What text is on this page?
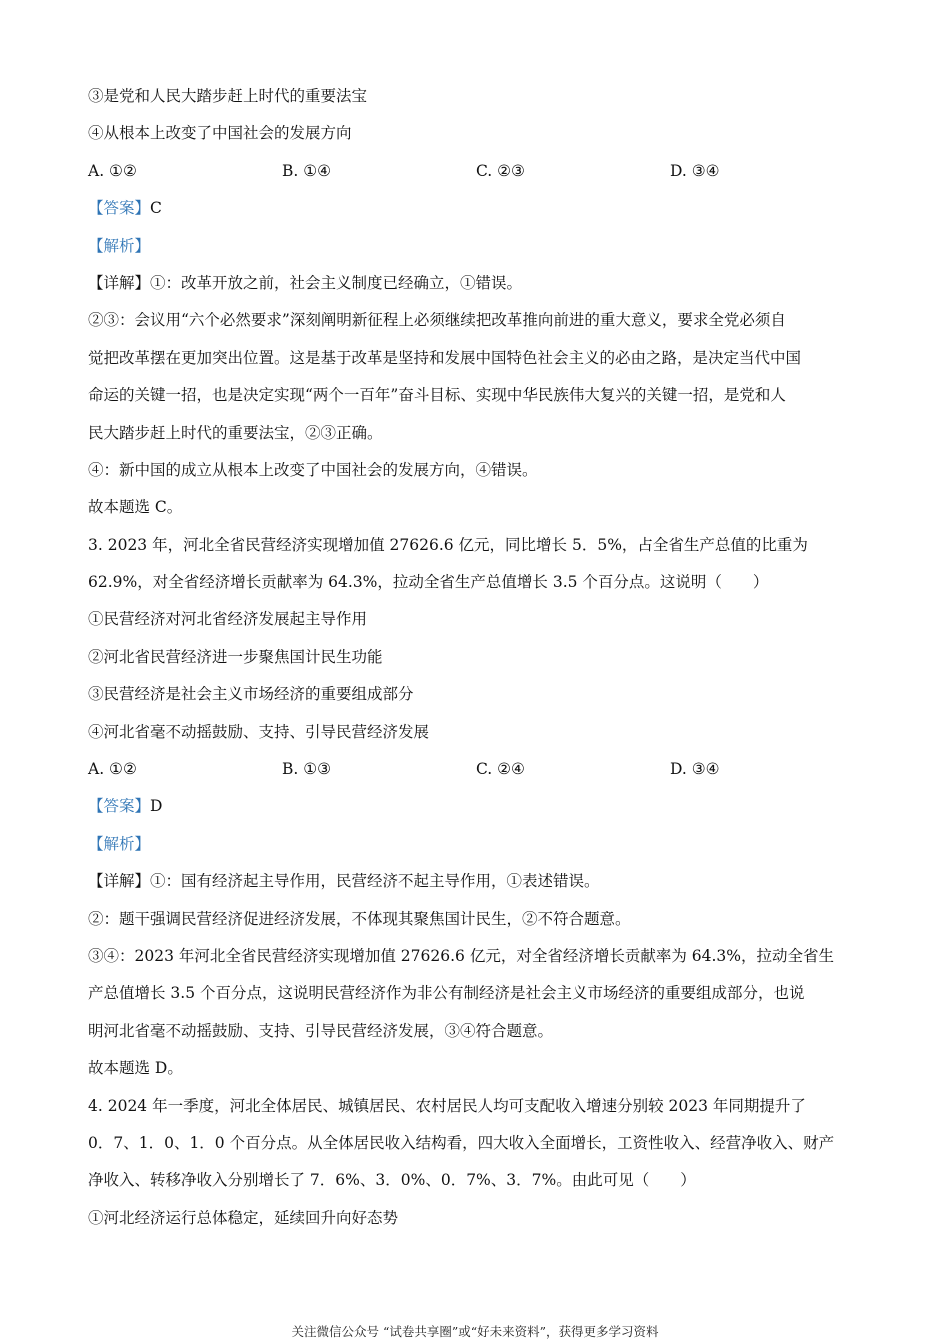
③是党和人民大踏步赶上时代的重要法宝
④从根本上改变了中国社会的发展方向
A. ①②	B. ①④	C. ②③	D. ③④
【答案】C
【解析】
【详解】①：改革开放之前，社会主义制度已经确立，①错误。
②③：会议用“六个必然要求”深刻阐明新征程上必须继续把改革推向前进的重大意义，要求全党必须自
觉把改革摆在更加突出位置。这是基于改革是坚持和发展中国特色社会主义的必由之路，是决定当代中国
命运的关键一招，也是决定实现“两个一百年”奋斗目标、实现中华民族伟大复兴的关键一招，是党和人
民大踏步赶上时代的重要法宝，②③正确。
④：新中国的成立从根本上改变了中国社会的发展方向，④错误。
故本题选 C。
3. 2023 年，河北全省民营经济实现增加值 27626.6 亿元，同比增长 5．5%，占全省生产总值的比重为
62.9%，对全省经济增长贡献率为 64.3%，拉动全省生产总值增长 3.5 个百分点。这说明（　　）
①民营经济对河北省经济发展起主导作用
②河北省民营经济进一步聚焦国计民生功能
③民营经济是社会主义市场经济的重要组成部分
④河北省毫不动摇鼓励、支持、引导民营经济发展
A. ①②	B. ①③	C. ②④	D. ③④
【答案】D
【解析】
【详解】①：国有经济起主导作用，民营经济不起主导作用，①表述错误。
②：题干强调民营经济促进经济发展，不体现其聚焦国计民生，②不符合题意。
③④：2023 年河北全省民营经济实现增加值 27626.6 亿元，对全省经济增长贡献率为 64.3%，拉动全省生
产总值增长 3.5 个百分点，这说明民营经济作为非公有制经济是社会主义市场经济的重要组成部分，也说
明河北省毫不动摇鼓励、支持、引导民营经济发展，③④符合题意。
故本题选 D。
4. 2024 年一季度，河北全体居民、城镇居民、农村居民人均可支配收入增速分别较 2023 年同期提升了
0．7、1．0、1．0 个百分点。从全体居民收入结构看，四大收入全面增长，工资性收入、经营净收入、财产
净收入、转移净收入分别增长了 7．6%、3．0%、0．7%、3．7%。由此可见（　　）
①河北经济运行总体稳定，延续回升向好态势
关注微信公众号 “试卷共享圈”或“好未来资料”，获得更多学习资料
